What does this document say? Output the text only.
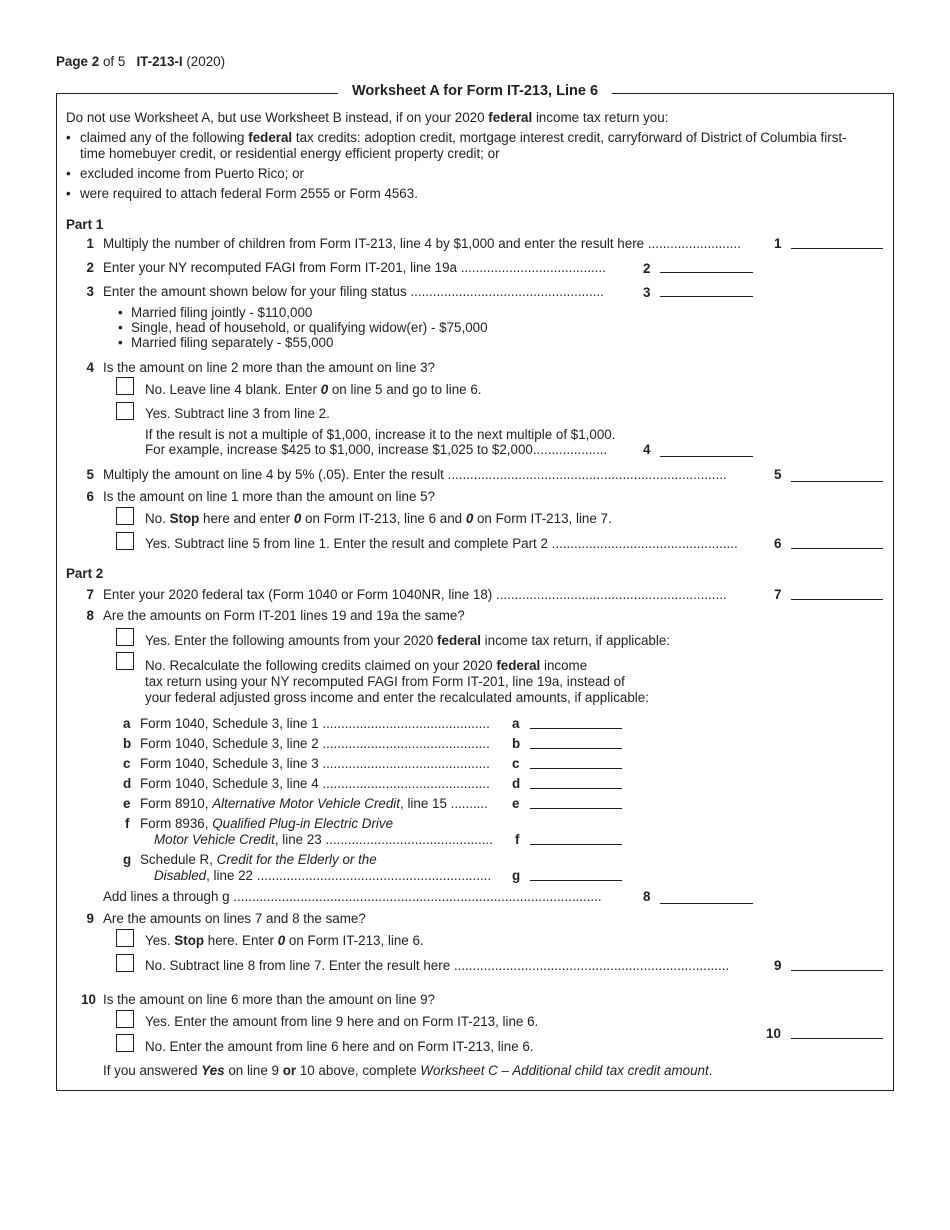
Page 2 of 5 IT-213-I (2020)
Worksheet A for Form IT-213, Line 6
Do not use Worksheet A, but use Worksheet B instead, if on your 2020 federal income tax return you:
• claimed any of the following federal tax credits: adoption credit, mortgage interest credit, carryforward of District of Columbia first-
time homebuyer credit, or residential energy efficient property credit; or
• excluded income from Puerto Rico; or
• were required to attach federal Form 2555 or Form 4563.
Part 1
1 Multiply the number of children from Form IT-213, line 4 by $1,000 and enter the result here ......................... 1
2 Enter your NY recomputed FAGI from Form IT-201, line 19a .......................................	2
3 Enter the amount shown below for your filing status ....................................................	3
• Married filing jointly - $110,000
• Single, head of household, or qualifying widow(er) - $75,000
• Married filing separately - $55,000
4 Is the amount on line 2 more than the amount on line 3?
No. Leave line 4 blank. Enter 0 on line 5 and go to line 6.
Yes. Subtract line 3 from line 2.
If the result is not a multiple of $1,000, increase it to the next multiple of $1,000.
For example, increase $425 to $1,000, increase $1,025 to $2,000....................	4
5 Multiply the amount on line 4 by 5% (.05). Enter the result ...........................................................................	5
6 Is the amount on line 1 more than the amount on line 5?
No. Stop here and enter 0 on Form IT-213, line 6 and 0 on Form IT-213, line 7.
Yes. Subtract line 5 from line 1. Enter the result and complete Part 2 ..................................................	6
Part 2
7 Enter your 2020 federal tax (Form 1040 or Form 1040NR, line 18) ..............................................................	7
8 Are the amounts on Form IT-201 lines 19 and 19a the same?
Yes. Enter the following amounts from your 2020 federal income tax return, if applicable:
No. Recalculate the following credits claimed on your 2020 federal income
tax return using your NY recomputed FAGI from Form IT-201, line 19a, instead of
your federal adjusted gross income and enter the recalculated amounts, if applicable:
a Form 1040, Schedule 3, line 1 ............................................. a
b Form 1040, Schedule 3, line 2 ............................................. b
c Form 1040, Schedule 3, line 3 ............................................. c
d Form 1040, Schedule 3, line 4 ............................................. d
e Form 8910, Alternative Motor Vehicle Credit, line 15 .......... e
f Form 8936, Qualified Plug-in Electric Drive
Motor Vehicle Credit, line 23 ............................................. f
g Schedule R, Credit for the Elderly or the
Disabled, line 22 ............................................................... g
Add lines a through g ...................................................................................................	8
9 Are the amounts on lines 7 and 8 the same?
Yes. Stop here. Enter 0 on Form IT-213, line 6.
No. Subtract line 8 from line 7. Enter the result here ..........................................................................	9
10 Is the amount on line 6 more than the amount on line 9?
Yes. Enter the amount from line 9 here and on Form IT-213, line 6.
No. Enter the amount from line 6 here and on Form IT-213, line 6.
10
If you answered Yes on line 9 or 10 above, complete Worksheet C – Additional child tax credit amount.
